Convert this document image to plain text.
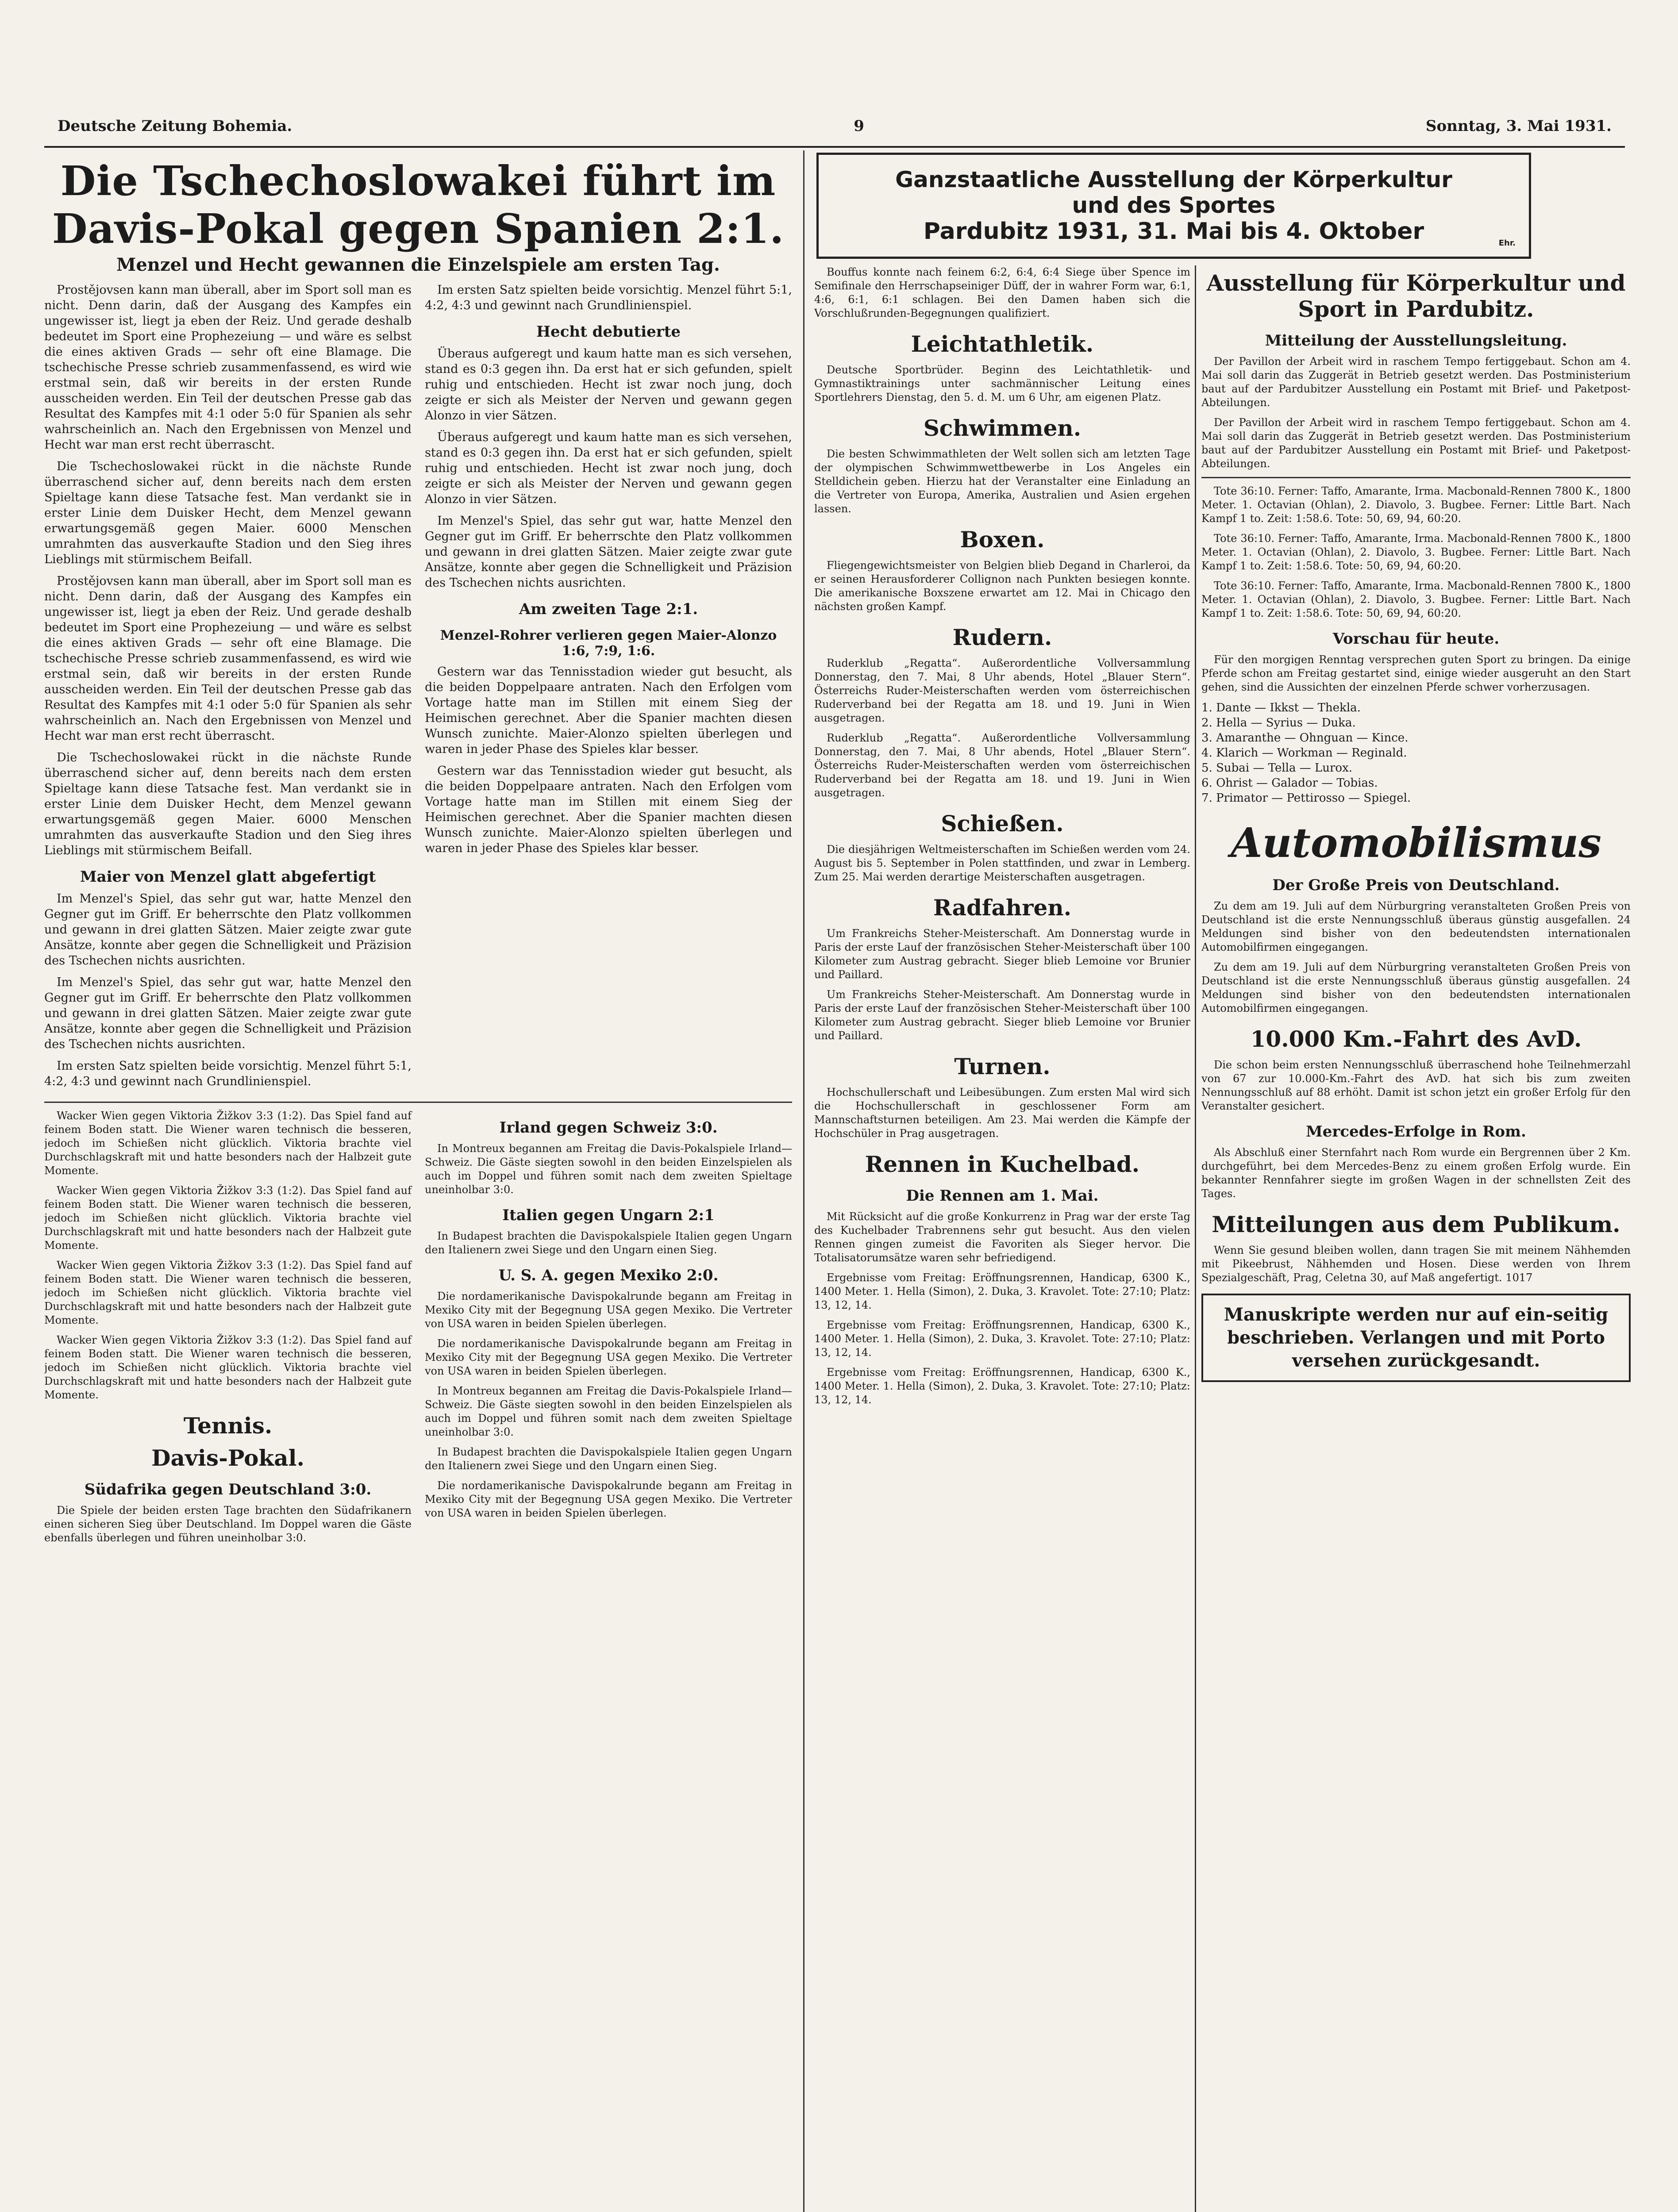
Deutsche Zeitung Bohemia.	9	Sonntag, 3. Mai 1931.
Die Tschechoslowakei führt im Davis-Pokal gegen Spanien 2:1.
Menzel und Hecht gewannen die Einzelspiele am ersten Tag.

Prostějovsen kann man überall, aber im Sport soll man es nicht. Denn darin, daß der Ausgang des Kampfes ein ungewisser ist, liegt ja eben der Reiz. Und gerade deshalb bedeutet im Sport eine Prophezeiung — und wäre es selbst die eines aktiven Grads — sehr oft eine Blamage. Die tschechische Presse schrieb zusammenfassend, es wird wie erstmal sein, daß wir bereits in der ersten Runde ausscheiden werden. Ein Teil der deutschen Presse gab das Resultat des Kampfes mit 4:1 oder 5:0 für Spanien als sehr wahrscheinlich an. Nach den Ergebnissen von Menzel und Hecht war man erst recht überrascht.

Die Tschechoslowakei rückt in die nächste Runde überraschend sicher auf, denn bereits nach dem ersten Spieltage kann diese Tatsache fest. Man verdankt sie in erster Linie dem Duisker Hecht, dem Menzel gewann erwartungsgemäß gegen Maier. 6000 Menschen umrahmten das ausverkaufte Stadion und den Sieg ihres Lieblings mit stürmischem Beifall.

Prostějovsen kann man überall, aber im Sport soll man es nicht. Denn darin, daß der Ausgang des Kampfes ein ungewisser ist, liegt ja eben der Reiz. Und gerade deshalb bedeutet im Sport eine Prophezeiung — und wäre es selbst die eines aktiven Grads — sehr oft eine Blamage. Die tschechische Presse schrieb zusammenfassend, es wird wie erstmal sein, daß wir bereits in der ersten Runde ausscheiden werden. Ein Teil der deutschen Presse gab das Resultat des Kampfes mit 4:1 oder 5:0 für Spanien als sehr wahrscheinlich an. Nach den Ergebnissen von Menzel und Hecht war man erst recht überrascht.

Die Tschechoslowakei rückt in die nächste Runde überraschend sicher auf, denn bereits nach dem ersten Spieltage kann diese Tatsache fest. Man verdankt sie in erster Linie dem Duisker Hecht, dem Menzel gewann erwartungsgemäß gegen Maier. 6000 Menschen umrahmten das ausverkaufte Stadion und den Sieg ihres Lieblings mit stürmischem Beifall.

Maier von Menzel glatt abgefertigt

Im Menzel's Spiel, das sehr gut war, hatte Menzel den Gegner gut im Griff. Er beherrschte den Platz vollkommen und gewann in drei glatten Sätzen. Maier zeigte zwar gute Ansätze, konnte aber gegen die Schnelligkeit und Präzision des Tschechen nichts ausrichten.

Im Menzel's Spiel, das sehr gut war, hatte Menzel den Gegner gut im Griff. Er beherrschte den Platz vollkommen und gewann in drei glatten Sätzen. Maier zeigte zwar gute Ansätze, konnte aber gegen die Schnelligkeit und Präzision des Tschechen nichts ausrichten.

Im ersten Satz spielten beide vorsichtig. Menzel führt 5:1, 4:2, 4:3 und gewinnt nach Grundlinienspiel.

Im ersten Satz spielten beide vorsichtig. Menzel führt 5:1, 4:2, 4:3 und gewinnt nach Grundlinienspiel.

Hecht debutierte

Überaus aufgeregt und kaum hatte man es sich versehen, stand es 0:3 gegen ihn. Da erst hat er sich gefunden, spielt ruhig und entschieden. Hecht ist zwar noch jung, doch zeigte er sich als Meister der Nerven und gewann gegen Alonzo in vier Sätzen.

Überaus aufgeregt und kaum hatte man es sich versehen, stand es 0:3 gegen ihn. Da erst hat er sich gefunden, spielt ruhig und entschieden. Hecht ist zwar noch jung, doch zeigte er sich als Meister der Nerven und gewann gegen Alonzo in vier Sätzen.

Im Menzel's Spiel, das sehr gut war, hatte Menzel den Gegner gut im Griff. Er beherrschte den Platz vollkommen und gewann in drei glatten Sätzen. Maier zeigte zwar gute Ansätze, konnte aber gegen die Schnelligkeit und Präzision des Tschechen nichts ausrichten.

Am zweiten Tage 2:1.
Menzel-Rohrer verlieren gegen Maier-Alonzo 1:6, 7:9, 1:6.

Gestern war das Tennisstadion wieder gut besucht, als die beiden Doppelpaare antraten. Nach den Erfolgen vom Vortage hatte man im Stillen mit einem Sieg der Heimischen gerechnet. Aber die Spanier machten diesen Wunsch zunichte. Maier-Alonzo spielten überlegen und waren in jeder Phase des Spieles klar besser.

Gestern war das Tennisstadion wieder gut besucht, als die beiden Doppelpaare antraten. Nach den Erfolgen vom Vortage hatte man im Stillen mit einem Sieg der Heimischen gerechnet. Aber die Spanier machten diesen Wunsch zunichte. Maier-Alonzo spielten überlegen und waren in jeder Phase des Spieles klar besser.

Wacker Wien gegen Viktoria Žižkov 3:3 (1:2). Das Spiel fand auf feinem Boden statt. Die Wiener waren technisch die besseren, jedoch im Schießen nicht glücklich. Viktoria brachte viel Durchschlagskraft mit und hatte besonders nach der Halbzeit gute Momente.

Wacker Wien gegen Viktoria Žižkov 3:3 (1:2). Das Spiel fand auf feinem Boden statt. Die Wiener waren technisch die besseren, jedoch im Schießen nicht glücklich. Viktoria brachte viel Durchschlagskraft mit und hatte besonders nach der Halbzeit gute Momente.

Wacker Wien gegen Viktoria Žižkov 3:3 (1:2). Das Spiel fand auf feinem Boden statt. Die Wiener waren technisch die besseren, jedoch im Schießen nicht glücklich. Viktoria brachte viel Durchschlagskraft mit und hatte besonders nach der Halbzeit gute Momente.

Wacker Wien gegen Viktoria Žižkov 3:3 (1:2). Das Spiel fand auf feinem Boden statt. Die Wiener waren technisch die besseren, jedoch im Schießen nicht glücklich. Viktoria brachte viel Durchschlagskraft mit und hatte besonders nach der Halbzeit gute Momente.

Tennis.
Davis-Pokal.
Südafrika gegen Deutschland 3:0.

Die Spiele der beiden ersten Tage brachten den Südafrikanern einen sicheren Sieg über Deutschland. Im Doppel waren die Gäste ebenfalls überlegen und führen uneinholbar 3:0.

Irland gegen Schweiz 3:0.

In Montreux begannen am Freitag die Davis-Pokalspiele Irland—Schweiz. Die Gäste siegten sowohl in den beiden Einzelspielen als auch im Doppel und führen somit nach dem zweiten Spieltage uneinholbar 3:0.

Italien gegen Ungarn 2:1

In Budapest brachten die Davispokalspiele Italien gegen Ungarn den Italienern zwei Siege und den Ungarn einen Sieg.

U. S. A. gegen Mexiko 2:0.

Die nordamerikanische Davispokalrunde begann am Freitag in Mexiko City mit der Begegnung USA gegen Mexiko. Die Vertreter von USA waren in beiden Spielen überlegen.

Die nordamerikanische Davispokalrunde begann am Freitag in Mexiko City mit der Begegnung USA gegen Mexiko. Die Vertreter von USA waren in beiden Spielen überlegen.

In Montreux begannen am Freitag die Davis-Pokalspiele Irland—Schweiz. Die Gäste siegten sowohl in den beiden Einzelspielen als auch im Doppel und führen somit nach dem zweiten Spieltage uneinholbar 3:0.

In Budapest brachten die Davispokalspiele Italien gegen Ungarn den Italienern zwei Siege und den Ungarn einen Sieg.

Die nordamerikanische Davispokalrunde begann am Freitag in Mexiko City mit der Begegnung USA gegen Mexiko. Die Vertreter von USA waren in beiden Spielen überlegen.

Ganzstaatliche Ausstellung der Körperkultur
und des Sportes
Pardubitz 1931, 31. Mai bis 4. Oktober	Ehr.

Bouffus konnte nach feinem 6:2, 6:4, 6:4 Siege über Spence im Semifinale den Herrschapseiniger Düff, der in wahrer Form war, 6:1, 4:6, 6:1, 6:1 schlagen. Bei den Damen haben sich die Vorschlußrunden-Begegnungen qualifiziert.

Leichtathletik.

Deutsche Sportbrüder. Beginn des Leichtathletik- und Gymnastiktrainings unter sachmännischer Leitung eines Sportlehrers Dienstag, den 5. d. M. um 6 Uhr, am eigenen Platz.

Schwimmen.

Die besten Schwimmathleten der Welt sollen sich am letzten Tage der olympischen Schwimmwettbewerbe in Los Angeles ein Stelldichein geben. Hierzu hat der Veranstalter eine Einladung an die Vertreter von Europa, Amerika, Australien und Asien ergehen lassen.

Boxen.

Fliegengewichtsmeister von Belgien blieb Degand in Charleroi, da er seinen Herausforderer Collignon nach Punkten besiegen konnte. Die amerikanische Boxszene erwartet am 12. Mai in Chicago den nächsten großen Kampf.

Rudern.

Ruderklub „Regatta“. Außerordentliche Vollversammlung Donnerstag, den 7. Mai, 8 Uhr abends, Hotel „Blauer Stern“. Österreichs Ruder-Meisterschaften werden vom österreichischen Ruderverband bei der Regatta am 18. und 19. Juni in Wien ausgetragen.

Ruderklub „Regatta“. Außerordentliche Vollversammlung Donnerstag, den 7. Mai, 8 Uhr abends, Hotel „Blauer Stern“. Österreichs Ruder-Meisterschaften werden vom österreichischen Ruderverband bei der Regatta am 18. und 19. Juni in Wien ausgetragen.

Schießen.

Die diesjährigen Weltmeisterschaften im Schießen werden vom 24. August bis 5. September in Polen stattfinden, und zwar in Lemberg. Zum 25. Mai werden derartige Meisterschaften ausgetragen.

Radfahren.

Um Frankreichs Steher-Meisterschaft. Am Donnerstag wurde in Paris der erste Lauf der französischen Steher-Meisterschaft über 100 Kilometer zum Austrag gebracht. Sieger blieb Lemoine vor Brunier und Paillard.

Um Frankreichs Steher-Meisterschaft. Am Donnerstag wurde in Paris der erste Lauf der französischen Steher-Meisterschaft über 100 Kilometer zum Austrag gebracht. Sieger blieb Lemoine vor Brunier und Paillard.

Turnen.

Hochschullerschaft und Leibesübungen. Zum ersten Mal wird sich die Hochschullerschaft in geschlossener Form am Mannschaftsturnen beteiligen. Am 23. Mai werden die Kämpfe der Hochschüler in Prag ausgetragen.

Rennen in Kuchelbad.
Die Rennen am 1. Mai.

Mit Rücksicht auf die große Konkurrenz in Prag war der erste Tag des Kuchelbader Trabrennens sehr gut besucht. Aus den vielen Rennen gingen zumeist die Favoriten als Sieger hervor. Die Totalisatorumsätze waren sehr befriedigend.

Ergebnisse vom Freitag: Eröffnungsrennen, Handicap, 6300 K., 1400 Meter. 1. Hella (Simon), 2. Duka, 3. Kravolet. Tote: 27:10; Platz: 13, 12, 14.

Ergebnisse vom Freitag: Eröffnungsrennen, Handicap, 6300 K., 1400 Meter. 1. Hella (Simon), 2. Duka, 3. Kravolet. Tote: 27:10; Platz: 13, 12, 14.

Ergebnisse vom Freitag: Eröffnungsrennen, Handicap, 6300 K., 1400 Meter. 1. Hella (Simon), 2. Duka, 3. Kravolet. Tote: 27:10; Platz: 13, 12, 14.

Ausstellung für Körperkultur und Sport in Pardubitz.
Mitteilung der Ausstellungsleitung.

Der Pavillon der Arbeit wird in raschem Tempo fertiggebaut. Schon am 4. Mai soll darin das Zuggerät in Betrieb gesetzt werden. Das Postministerium baut auf der Pardubitzer Ausstellung ein Postamt mit Brief- und Paketpost-Abteilungen.

Der Pavillon der Arbeit wird in raschem Tempo fertiggebaut. Schon am 4. Mai soll darin das Zuggerät in Betrieb gesetzt werden. Das Postministerium baut auf der Pardubitzer Ausstellung ein Postamt mit Brief- und Paketpost-Abteilungen.

Tote 36:10. Ferner: Taffo, Amarante, Irma. Macbonald-Rennen 7800 K., 1800 Meter. 1. Octavian (Ohlan), 2. Diavolo, 3. Bugbee. Ferner: Little Bart. Nach Kampf 1 to. Zeit: 1:58.6. Tote: 50, 69, 94, 60:20.

Tote 36:10. Ferner: Taffo, Amarante, Irma. Macbonald-Rennen 7800 K., 1800 Meter. 1. Octavian (Ohlan), 2. Diavolo, 3. Bugbee. Ferner: Little Bart. Nach Kampf 1 to. Zeit: 1:58.6. Tote: 50, 69, 94, 60:20.

Tote 36:10. Ferner: Taffo, Amarante, Irma. Macbonald-Rennen 7800 K., 1800 Meter. 1. Octavian (Ohlan), 2. Diavolo, 3. Bugbee. Ferner: Little Bart. Nach Kampf 1 to. Zeit: 1:58.6. Tote: 50, 69, 94, 60:20.

Vorschau für heute.

Für den morgigen Renntag versprechen guten Sport zu bringen. Da einige Pferde schon am Freitag gestartet sind, einige wieder ausgeruht an den Start gehen, sind die Aussichten der einzelnen Pferde schwer vorherzusagen.

1. Dante — Ikkst — Thekla.

2. Hella — Syrius — Duka.

3. Amaranthe — Ohnguan — Kince.

4. Klarich — Workman — Reginald.

5. Subai — Tella — Lurox.

6. Ohrist — Galador — Tobias.

7. Primator — Pettirosso — Spiegel.

Automobilismus
Der Große Preis von Deutschland.

Zu dem am 19. Juli auf dem Nürburgring veranstalteten Großen Preis von Deutschland ist die erste Nennungsschluß überaus günstig ausgefallen. 24 Meldungen sind bisher von den bedeutendsten internationalen Automobilfirmen eingegangen.

Zu dem am 19. Juli auf dem Nürburgring veranstalteten Großen Preis von Deutschland ist die erste Nennungsschluß überaus günstig ausgefallen. 24 Meldungen sind bisher von den bedeutendsten internationalen Automobilfirmen eingegangen.

10.000 Km.-Fahrt des AvD.

Die schon beim ersten Nennungsschluß überraschend hohe Teilnehmerzahl von 67 zur 10.000-Km.-Fahrt des AvD. hat sich bis zum zweiten Nennungsschluß auf 88 erhöht. Damit ist schon jetzt ein großer Erfolg für den Veranstalter gesichert.

Mercedes-Erfolge in Rom.

Als Abschluß einer Sternfahrt nach Rom wurde ein Bergrennen über 2 Km. durchgeführt, bei dem Mercedes-Benz zu einem großen Erfolg wurde. Ein bekannter Rennfahrer siegte im großen Wagen in der schnellsten Zeit des Tages.

Mitteilungen aus dem Publikum.

Wenn Sie gesund bleiben wollen, dann tragen Sie mit meinem Nähhemden mit Pikeebrust, Nähhemden und Hosen. Diese werden von Ihrem Spezialgeschäft, Prag, Celetna 30, auf Maß angefertigt. 1017

Manuskripte werden nur auf ein-seitig beschrieben. Verlangen und mit Porto versehen zurückgesandt.
